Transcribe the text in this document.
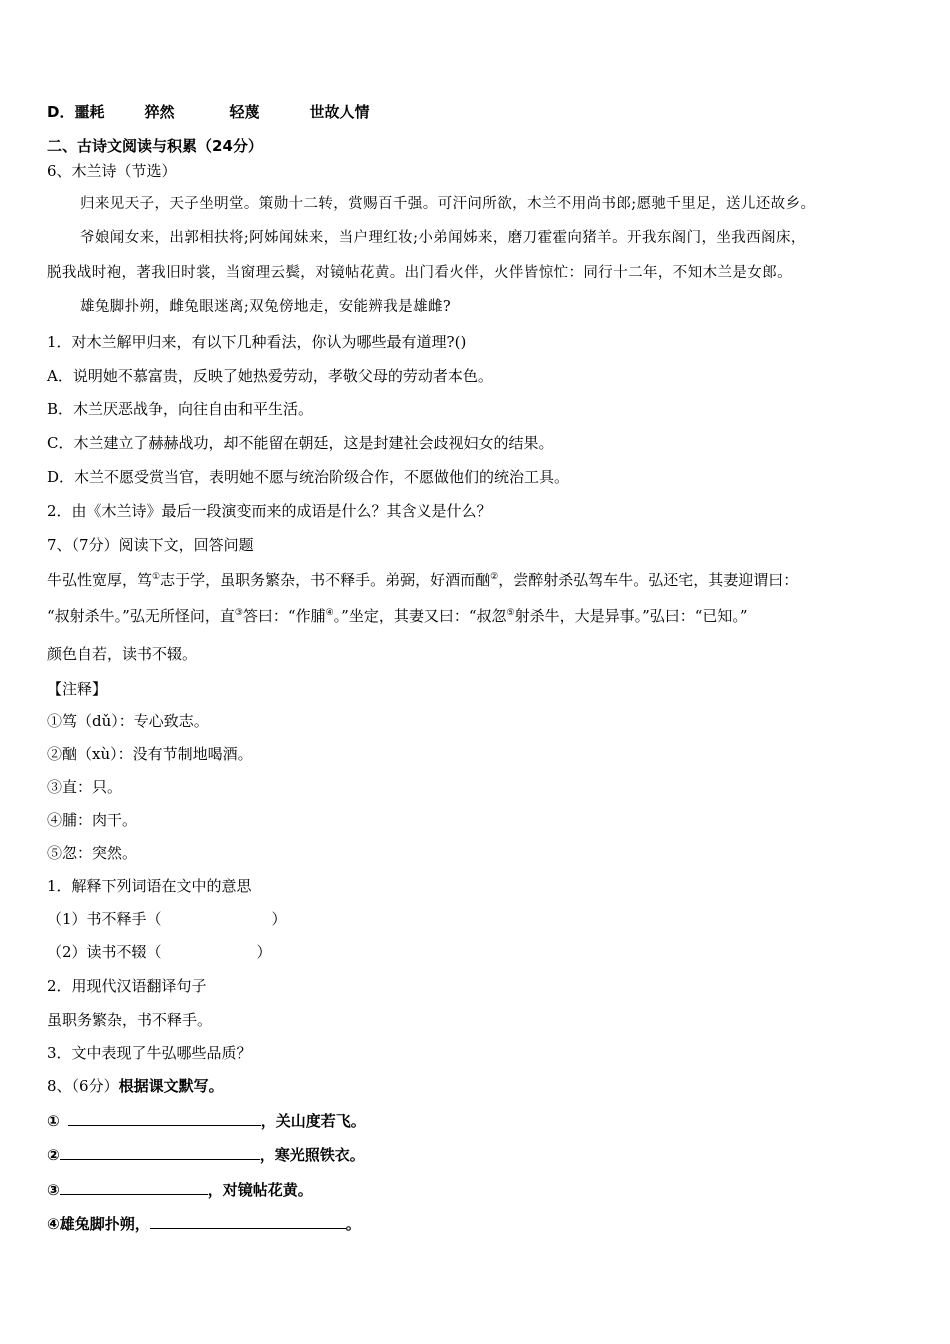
D．噩耗	猝然	轻蔑	世故人情
二、古诗文阅读与积累（24分）
6、木兰诗（节选）
归来见天子，天子坐明堂。策勋十二转，赏赐百千强。可汗问所欲，木兰不用尚书郎;愿驰千里足，送儿还故乡。
爷娘闻女来，出郭相扶将;阿姊闻妹来，当户理红妆;小弟闻姊来，磨刀霍霍向猪羊。开我东阁门，坐我西阁床，
脱我战时袍，著我旧时裳，当窗理云鬓，对镜帖花黄。出门看火伴，火伴皆惊忙：同行十二年，不知木兰是女郎。
雄兔脚扑朔，雌兔眼迷离;双兔傍地走，安能辨我是雄雌?
1．对木兰解甲归来，有以下几种看法，你认为哪些最有道理?()
A．说明她不慕富贵，反映了她热爱劳动，孝敬父母的劳动者本色。
B．木兰厌恶战争，向往自由和平生活。
C．木兰建立了赫赫战功，却不能留在朝廷，这是封建社会歧视妇女的结果。
D．木兰不愿受赏当官，表明她不愿与统治阶级合作，不愿做他们的统治工具。
2．由《木兰诗》最后一段演变而来的成语是什么？其含义是什么？
7、（7分）阅读下文，回答问题
牛弘性宽厚，笃①志于学，虽职务繁杂，书不释手。弟弼，好酒而酗②，尝醉射杀弘驾车牛。弘还宅，其妻迎谓曰：
“叔射杀牛。”弘无所怪问，直③答曰：“作脯④。”坐定，其妻又曰：“叔忽⑤射杀牛，大是异事。”弘曰：“已知。”
颜色自若，读书不辍。
【注释】
①笃（dǔ）：专心致志。
②酗（xù）：没有节制地喝酒。
③直：只。
④脯：肉干。
⑤忽：突然。
1．解释下列词语在文中的意思
（1）书不释手（	）
（2）读书不辍（	）
2．用现代汉语翻译句子
虽职务繁杂，书不释手。
3．文中表现了牛弘哪些品质？
8、（6分）根据课文默写。
①	，关山度若飞。
②	，寒光照铁衣。
③	，对镜帖花黄。
④雄兔脚扑朔，	。
